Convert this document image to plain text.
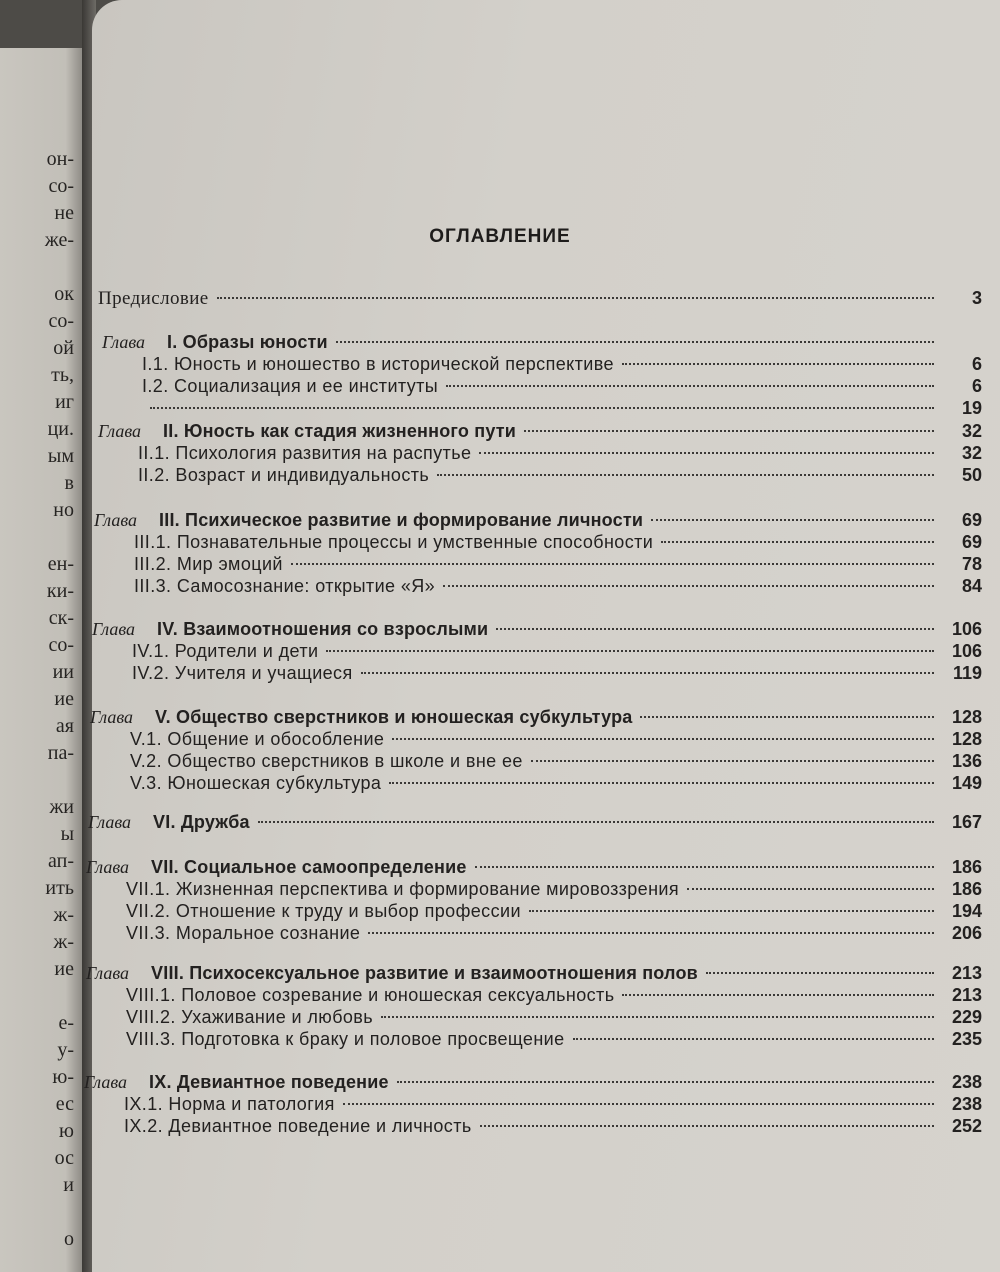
он-
со-
не
же-
ок
со-
ой
ть,
иг
ци.
ым
в
но
ен-
ки-
ск-
со-
ии
ие
ая
па-
жи
ы
ап-
ить
ж-
ж-
ие
е-
у-
ю-
ес
ю
ос
и
о
ОГЛАВЛЕНИЕ
Предисловие	3
Глава I. Образы юности
I.1. Юность и юношество в исторической перспективе	6
I.2. Социализация и ее институты	6
19
Глава II. Юность как стадия жизненного пути	32
II.1. Психология развития на распутье	32
II.2. Возраст и индивидуальность	50
Глава III. Психическое развитие и формирование личности	69
III.1. Познавательные процессы и умственные способности	69
III.2. Мир эмоций	78
III.3. Самосознание: открытие «Я»	84
Глава IV. Взаимоотношения со взрослыми	106
IV.1. Родители и дети	106
IV.2. Учителя и учащиеся	119
Глава V. Общество сверстников и юношеская субкультура	128
V.1. Общение и обособление	128
V.2. Общество сверстников в школе и вне ее	136
V.3. Юношеская субкультура	149
Глава VI. Дружба	167
Глава VII. Социальное самоопределение	186
VII.1. Жизненная перспектива и формирование мировоззрения	186
VII.2. Отношение к труду и выбор профессии	194
VII.3. Моральное сознание	206
Глава VIII. Психосексуальное развитие и взаимоотношения полов	213
VIII.1. Половое созревание и юношеская сексуальность	213
VIII.2. Ухаживание и любовь	229
VIII.3. Подготовка к браку и половое просвещение	235
Глава IX. Девиантное поведение	238
IX.1. Норма и патология	238
IX.2. Девиантное поведение и личность	252
